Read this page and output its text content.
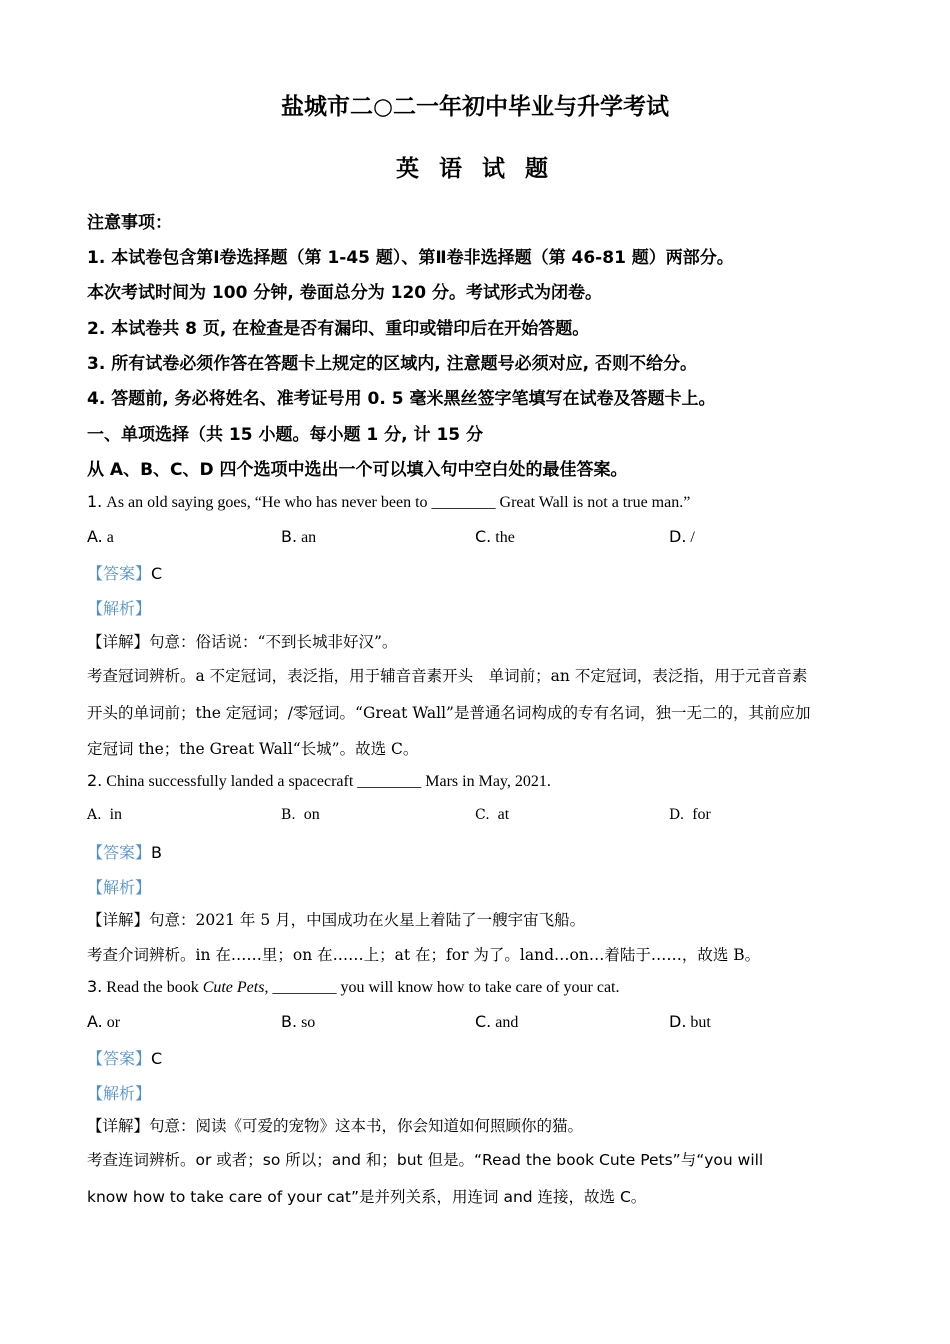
盐城市二○二一年初中毕业与升学考试
英 语 试 题
注意事项：
1. 本试卷包含第Ⅰ卷选择题（第 1-45 题）、第Ⅱ卷非选择题（第 46-81 题）两部分。
本次考试时间为 100 分钟, 卷面总分为 120 分。考试形式为闭卷。
2. 本试卷共 8 页, 在检查是否有漏印、重印或错印后在开始答题。
3. 所有试卷必须作答在答题卡上规定的区域内, 注意题号必须对应, 否则不给分。
4. 答题前, 务必将姓名、准考证号用 0. 5 毫米黑丝签字笔填写在试卷及答题卡上。
一、单项选择（共 15 小题。每小题 1 分, 计 15 分
从 A、B、C、D 四个选项中选出一个可以填入句中空白处的最佳答案。
1. As an old saying goes, “He who has never been to ________ Great Wall is not a true man.”
A. a	B. an	C. the	D. /
【答案】C
【解析】
【详解】句意：俗话说：“不到长城非好汉”。
考查冠词辨析。a 不定冠词，表泛指，用于辅音音素开头　单词前；an 不定冠词，表泛指，用于元音音素
开头的单词前；the 定冠词；/零冠词。“Great Wall”是普通名词构成的专有名词，独一无二的，其前应加
定冠词 the；the Great Wall“长城”。故选 C。
2. China successfully landed a spacecraft ________ Mars in May, 2021.
A. in	B. on	C. at	D. for
【答案】B
【解析】
【详解】句意：2021 年 5 月，中国成功在火星上着陆了一艘宇宙飞船。
考查介词辨析。in 在……里；on 在……上；at 在；for 为了。land…on…着陆于……，故选 B。
3. Read the book Cute Pets, ________ you will know how to take care of your cat.
A. or	B. so	C. and	D. but
【答案】C
【解析】
【详解】句意：阅读《可爱的宠物》这本书，你会知道如何照顾你的猫。
考查连词辨析。or 或者；so 所以；and 和；but 但是。“Read the book Cute Pets”与“you will
know how to take care of your cat”是并列关系，用连词 and 连接，故选 C。
